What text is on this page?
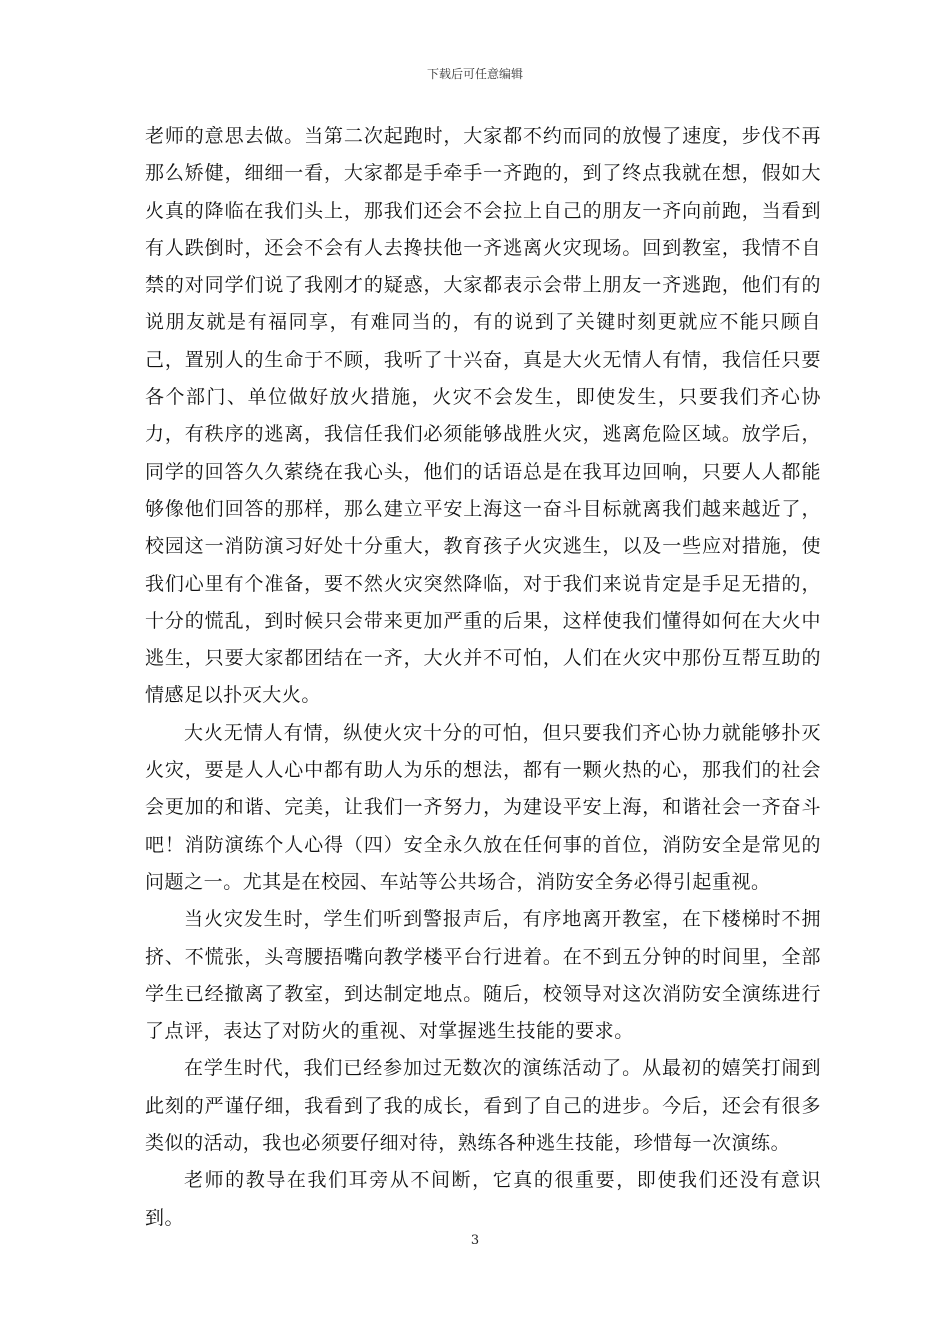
下载后可任意编辑

老师的意思去做。当第二次起跑时，大家都不约而同的放慢了速度，步伐不再那么矫健，细细一看，大家都是手牵手一齐跑的，到了终点我就在想，假如大火真的降临在我们头上，那我们还会不会拉上自己的朋友一齐向前跑，当看到有人跌倒时，还会不会有人去搀扶他一齐逃离火灾现场。回到教室，我情不自禁的对同学们说了我刚才的疑惑，大家都表示会带上朋友一齐逃跑，他们有的说朋友就是有福同享，有难同当的，有的说到了关键时刻更就应不能只顾自己，置别人的生命于不顾，我听了十兴奋，真是大火无情人有情，我信任只要各个部门、单位做好放火措施，火灾不会发生，即使发生，只要我们齐心协力，有秩序的逃离，我信任我们必须能够战胜火灾，逃离危险区域。放学后，同学的回答久久萦绕在我心头，他们的话语总是在我耳边回响，只要人人都能够像他们回答的那样，那么建立平安上海这一奋斗目标就离我们越来越近了，校园这一消防演习好处十分重大，教育孩子火灾逃生，以及一些应对措施，使我们心里有个准备，要不然火灾突然降临，对于我们来说肯定是手足无措的，十分的慌乱，到时候只会带来更加严重的后果，这样使我们懂得如何在大火中逃生，只要大家都团结在一齐，大火并不可怕，人们在火灾中那份互帮互助的情感足以扑灭大火。

大火无情人有情，纵使火灾十分的可怕，但只要我们齐心协力就能够扑灭火灾，要是人人心中都有助人为乐的想法，都有一颗火热的心，那我们的社会会更加的和谐、完美，让我们一齐努力，为建设平安上海，和谐社会一齐奋斗吧！消防演练个人心得（四）安全永久放在任何事的首位，消防安全是常见的问题之一。尤其是在校园、车站等公共场合，消防安全务必得引起重视。

当火灾发生时，学生们听到警报声后，有序地离开教室，在下楼梯时不拥挤、不慌张，头弯腰捂嘴向教学楼平台行进着。在不到五分钟的时间里，全部学生已经撤离了教室，到达制定地点。随后，校领导对这次消防安全演练进行了点评，表达了对防火的重视、对掌握逃生技能的要求。

在学生时代，我们已经参加过无数次的演练活动了。从最初的嬉笑打闹到此刻的严谨仔细，我看到了我的成长，看到了自己的进步。今后，还会有很多类似的活动，我也必须要仔细对待，熟练各种逃生技能，珍惜每一次演练。

老师的教导在我们耳旁从不间断，它真的很重要，即使我们还没有意识到。

3
